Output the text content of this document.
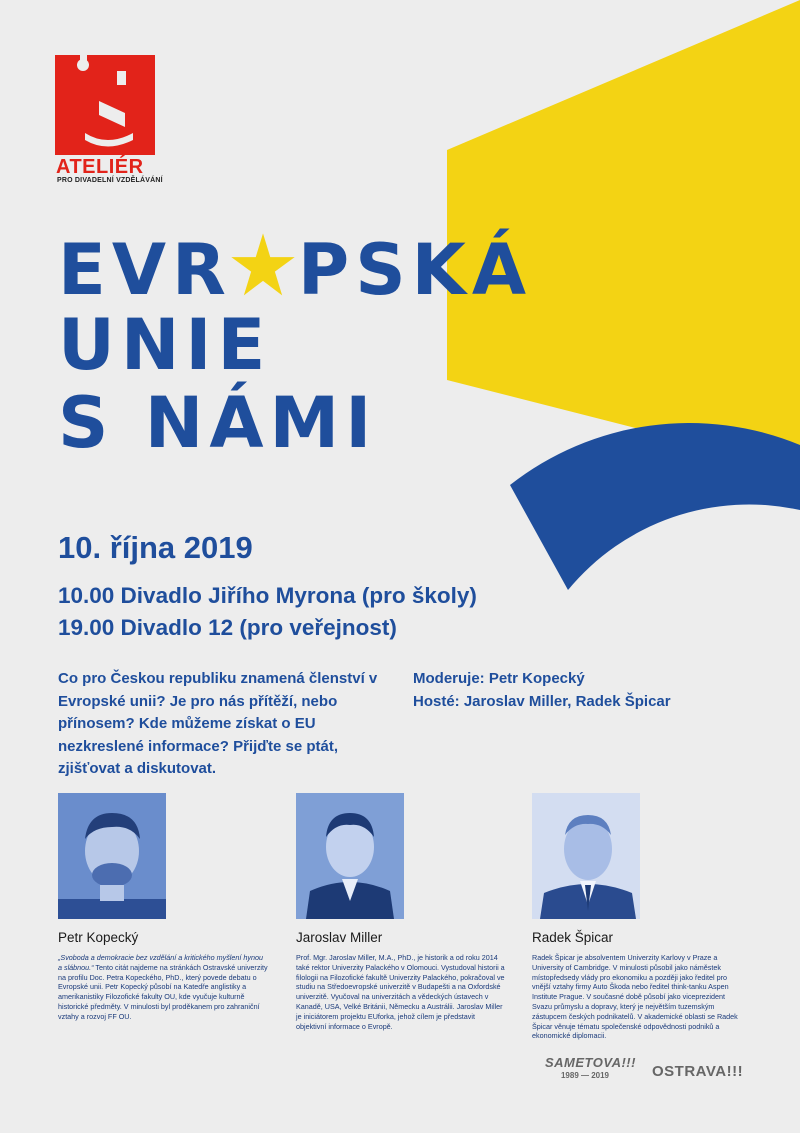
ATELIÉR
PRO DIVADELNÍ VZDĚLÁVÁNÍ
EVR PSKÁ
UNIE
S NÁMI
10. října 2019
10.00 Divadlo Jiřího Myrona (pro školy)
19.00 Divadlo 12 (pro veřejnost)
Co pro Českou republiku znamená členství v Evropské unii? Je pro nás přítěží, nebo přínosem? Kde můžeme získat o EU nezkreslené informace? Přijďte se ptát, zjišťovat a diskutovat.
Moderuje: Petr Kopecký
Hosté: Jaroslav Miller, Radek Špicar
Petr Kopecký	Jaroslav Miller	Radek Špicar
„Svoboda a demokracie bez vzdělání a kritického myšlení hynou a slábnou.“ Tento citát najdeme na stránkách Ostravské univerzity na profilu Doc. Petra Kopeckého, PhD., který povede debatu o Evropské unii. Petr Kopecký působí na Katedře anglistiky a amerikanistiky Filozofické fakulty OU, kde vyučuje kulturně historické předměty. V minulosti byl proděkanem pro zahraniční vztahy a rozvoj FF OU.
Prof. Mgr. Jaroslav Miller, M.A., PhD., je historik a od roku 2014 také rektor Univerzity Palackého v Olomouci. Vystudoval historii a filologii na Filozofické fakultě Univerzity Palackého, pokračoval ve studiu na Středoevropské univerzitě v Budapešti a na Oxfordské univerzitě. Vyučoval na univerzitách a vědeckých ústavech v Kanadě, USA, Velké Británii, Německu a Austrálii. Jaroslav Miller je iniciátorem projektu EUforka, jehož cílem je představit objektivní informace o Evropě.
Radek Špicar je absolventem Univerzity Karlovy v Praze a University of Cambridge. V minulosti působil jako náměstek místopředsedy vlády pro ekonomiku a později jako ředitel pro vnější vztahy firmy Auto Škoda nebo ředitel think-tanku Aspen Institute Prague. V současné době působí jako viceprezident Svazu průmyslu a dopravy, který je největším tuzemským zástupcem českých podnikatelů. V akademické oblasti se Radek Špicar věnuje tématu společenské odpovědnosti podniků a ekonomické diplomacii.
SAMETOVA!!!
1989 — 2019	OSTRAVA!!!
